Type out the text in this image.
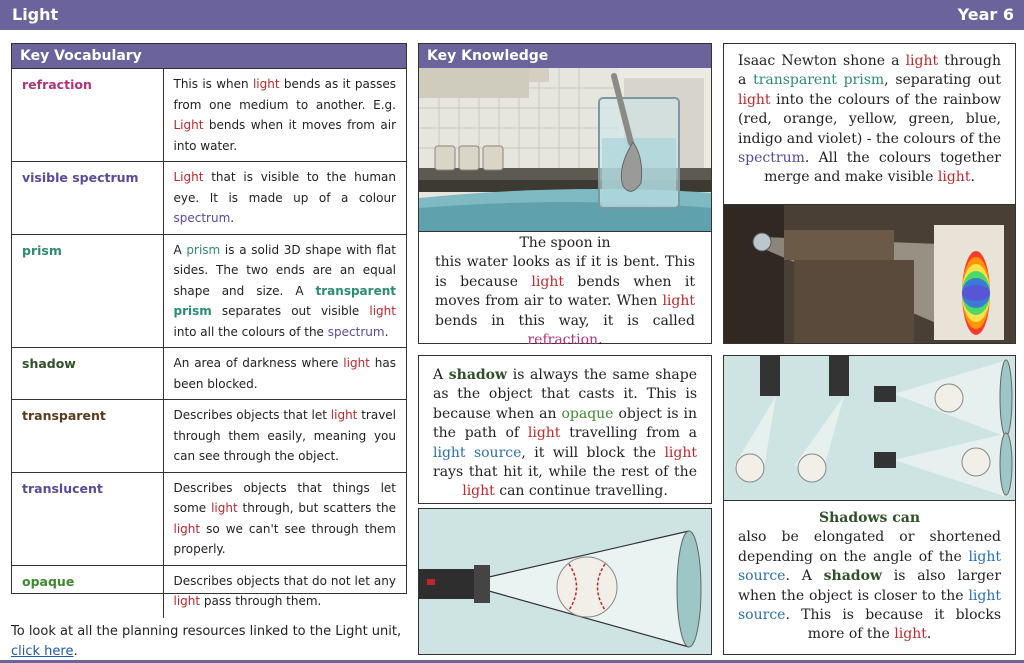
Light	Year 6
Key Vocabulary
refraction	This is when light bends as it passes from one medium to another. E.g. Light bends when it moves from air into water.
visible spectrum	Light that is visible to the human eye. It is made up of a colour spectrum.
prism	A prism is a solid 3D shape with flat sides. The two ends are an equal shape and size. A transparent prism separates out visible light into all the colours of the spectrum.
shadow	An area of darkness where light has been blocked.
transparent	Describes objects that let light travel through them easily, meaning you can see through the object.
translucent	Describes objects that things let some light through, but scatters the light so we can't see through them properly.
opaque	Describes objects that do not let any light pass through them.
To look at all the planning resources linked to the Light unit,
click here.
Key Knowledge

The spoon in

this water looks as if it is bent. This is because light bends when it moves from air to water. When light bends in this way, it is called refraction.

A shadow is always the same shape as the object that casts it. This is because when an opaque object is in the path of light travelling from a light source, it will block the light rays that hit it, while the rest of the light can continue travelling.

Isaac Newton shone a light through a transparent prism, separating out light into the colours of the rainbow (red, orange, yellow, green, blue, indigo and violet) - the colours of the spectrum. All the colours together merge and make visible light.

Shadows can

also be elongated or shortened depending on the angle of the light source. A shadow is also larger when the object is closer to the light source. This is because it blocks more of the light.
